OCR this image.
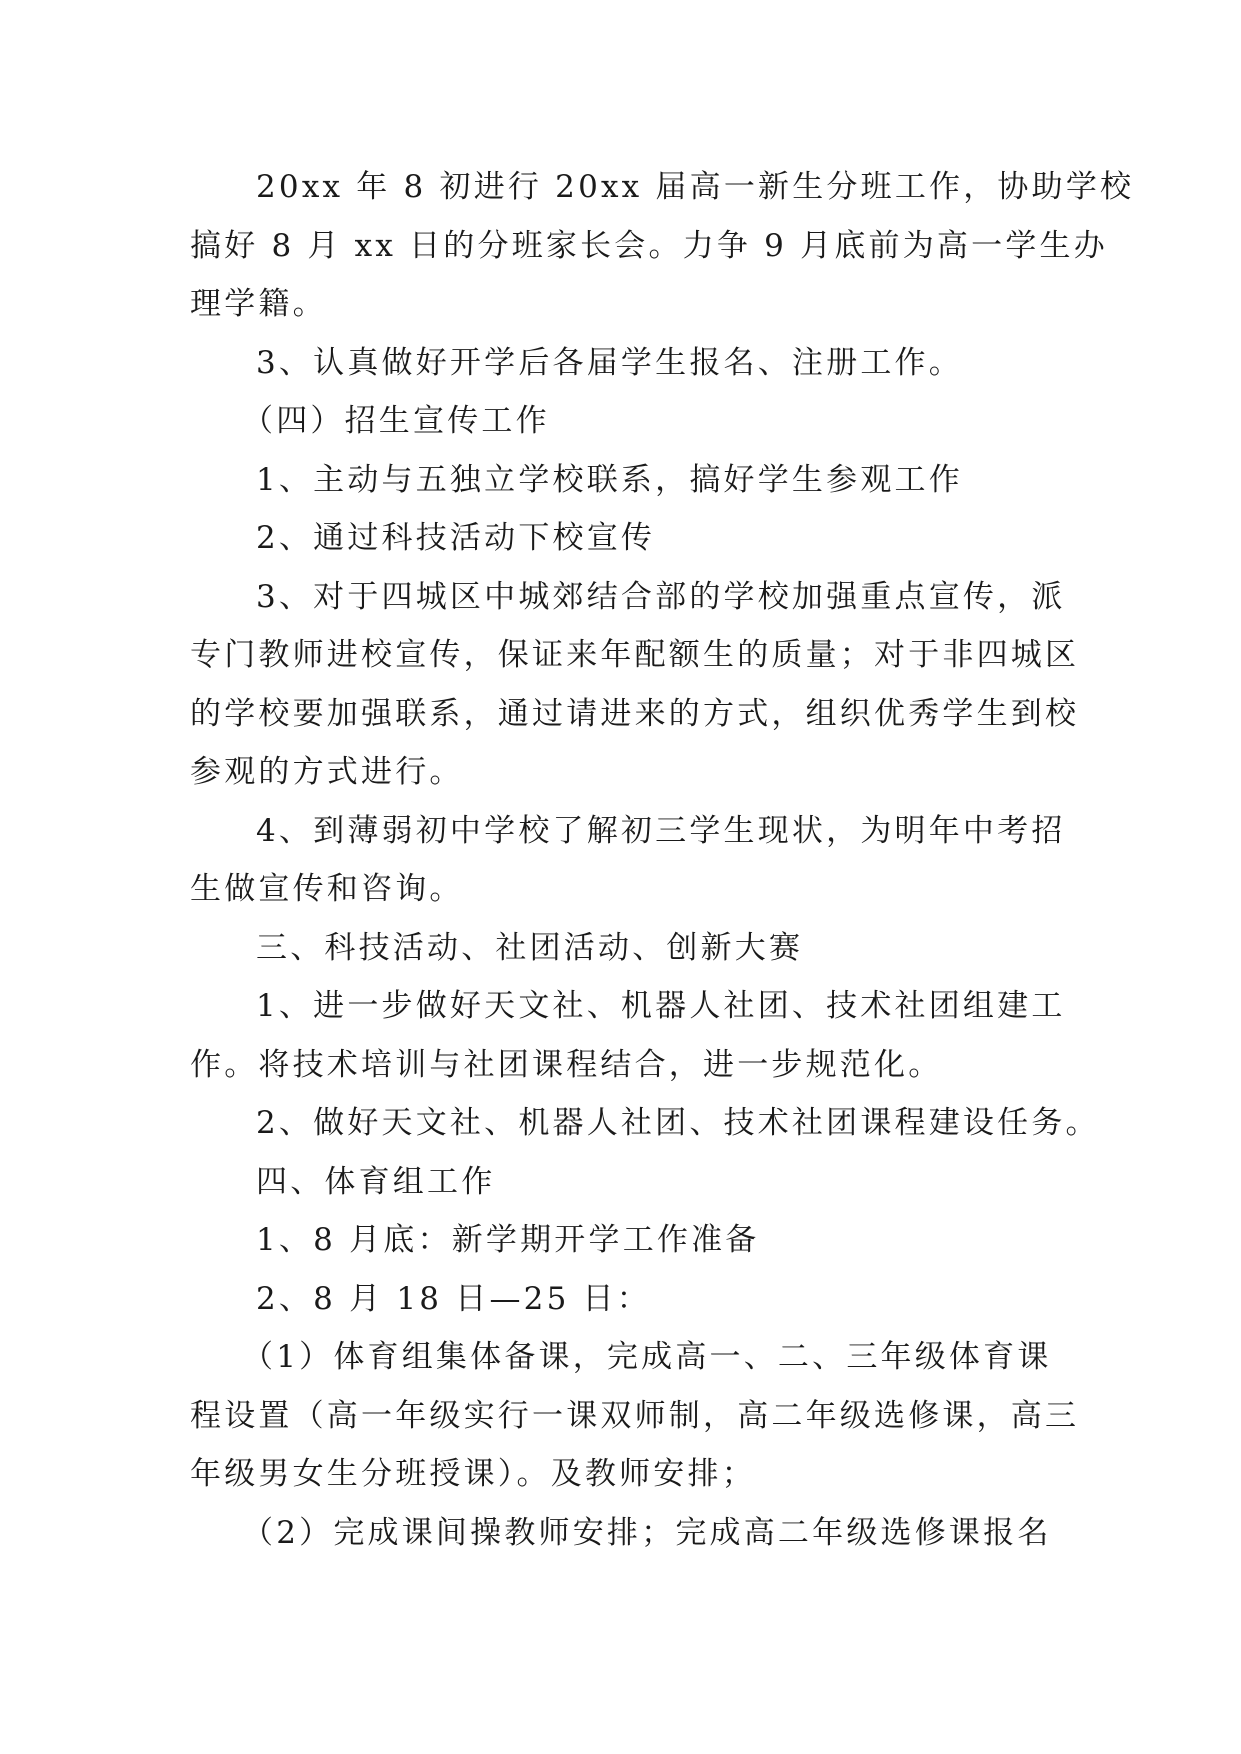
20xx 年 8 初进行 20xx 届高一新生分班工作，协助学校
搞好 8 月 xx 日的分班家长会。力争 9 月底前为高一学生办
理学籍。
3、认真做好开学后各届学生报名、注册工作。
（四）招生宣传工作
1、主动与五独立学校联系，搞好学生参观工作
2、通过科技活动下校宣传
3、对于四城区中城郊结合部的学校加强重点宣传，派
专门教师进校宣传，保证来年配额生的质量；对于非四城区
的学校要加强联系，通过请进来的方式，组织优秀学生到校
参观的方式进行。
4、到薄弱初中学校了解初三学生现状，为明年中考招
生做宣传和咨询。
三、科技活动、社团活动、创新大赛
1、进一步做好天文社、机器人社团、技术社团组建工
作。将技术培训与社团课程结合，进一步规范化。
2、做好天文社、机器人社团、技术社团课程建设任务。
四、体育组工作
1、8 月底：新学期开学工作准备
2、8 月 18 日—25 日：
（1）体育组集体备课，完成高一、二、三年级体育课
程设置（高一年级实行一课双师制，高二年级选修课，高三
年级男女生分班授课）。及教师安排；
（2）完成课间操教师安排；完成高二年级选修课报名
